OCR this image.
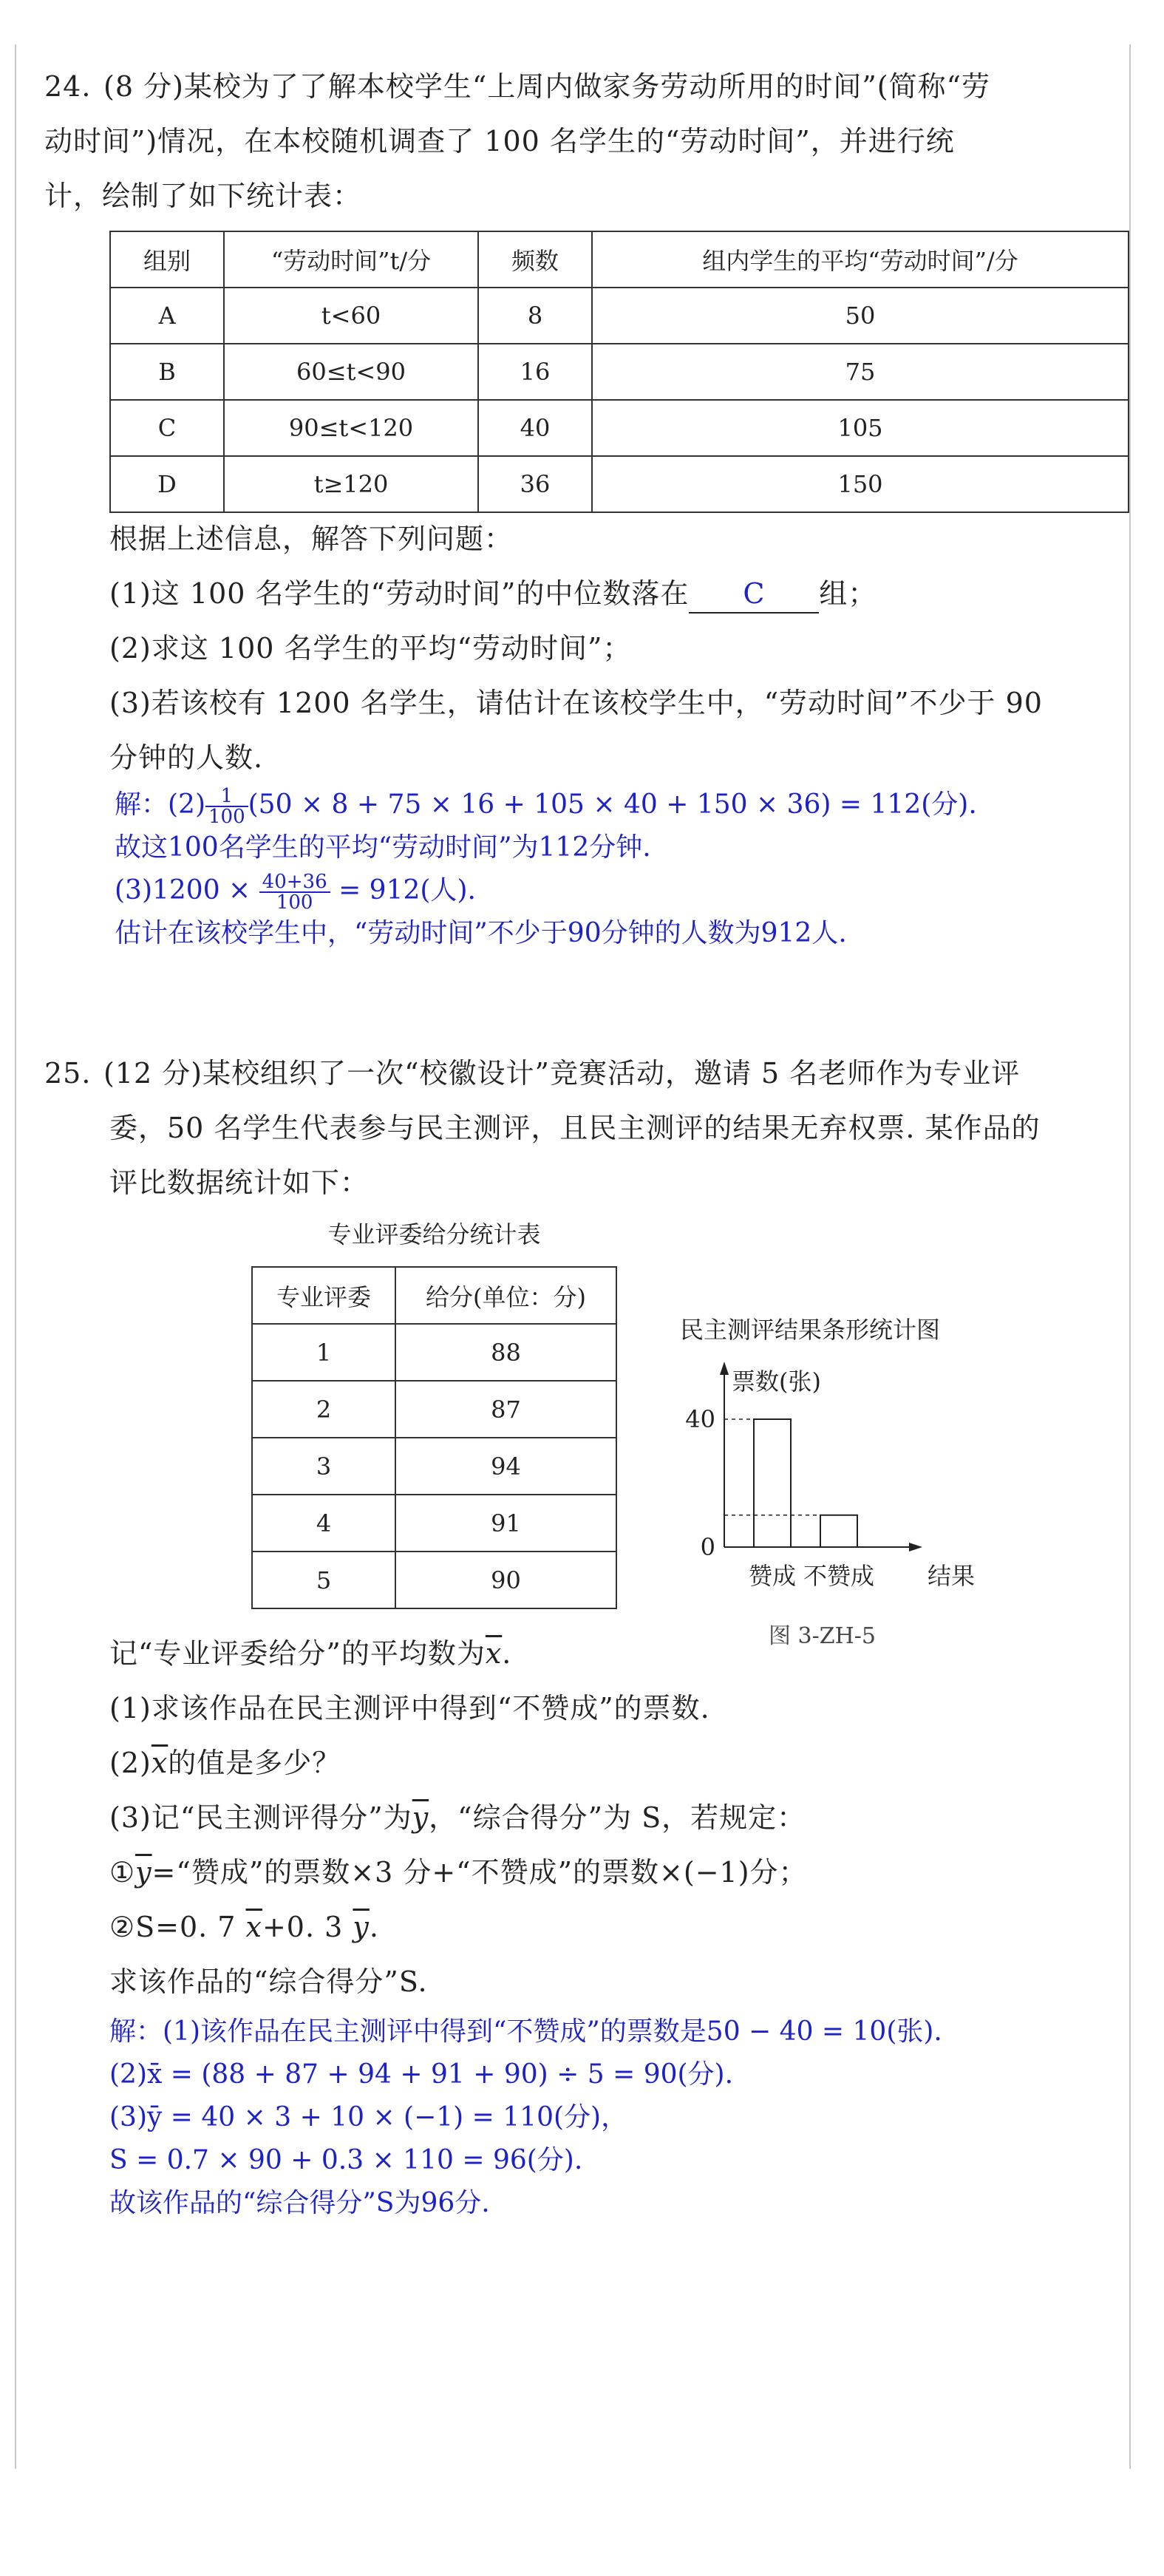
24. (8 分)某校为了了解本校学生“上周内做家务劳动所用的时间”(简称“劳

动时间”)情况，在本校随机调查了 100 名学生的“劳动时间”，并进行统

计，绘制了如下统计表：

组别	“劳动时间”t/分	频数	组内学生的平均“劳动时间”/分
A	t<60	8	50
B	60≤t<90	16	75
C	90≤t<120	40	105
D	t≥120	36	150

根据上述信息，解答下列问题：

(1)这 100 名学生的“劳动时间”的中位数落在 C 组；

(2)求这 100 名学生的平均“劳动时间”；

(3)若该校有 1200 名学生，请估计在该校学生中，“劳动时间”不少于 90

分钟的人数.

解：$(2) \frac{1}{100} (50 \times 8 + 75 \times 16 + 105 \times 40 + 150 \times 36) = 112$(分).

故这100名学生的平均“劳动时间”为112分钟.

$(3)1200 \times \frac{40+36}{100} = 912$(人).

估计在该校学生中，“劳动时间”不少于90分钟的人数为912人.

25. (12 分)某校组织了一次“校徽设计”竞赛活动，邀请 5 名老师作为专业评

委，50 名学生代表参与民主测评，且民主测评的结果无弃权票. 某作品的

评比数据统计如下：

专业评委给分统计表
专业评委	给分(单位：分)
1	88
2	87
3	94
4	91
5	90
民主测评结果条形统计图
票数(张)
结果
赞成 不赞成
0
40
图 3-ZH-5

记“专业评委给分”的平均数为$\overline{x}$.

(1)求该作品在民主测评中得到“不赞成”的票数.

$(2)\overline{x}$的值是多少？

(3)记“民主测评得分”为$\overline{y}$，“综合得分”为 S，若规定：

$①\overline{y}=“$赞成”的票数×3 分+“不赞成”的票数×(−1)分；

②S=0. 7 $\overline{x}+0$. 3 $\overline{y}$.

求该作品的“综合得分”S.

解：(1)该作品在民主测评中得到“不赞成”的票数是50 − 40 = 10(张).

(2)x̄ = (88 + 87 + 94 + 91 + 90) ÷ 5 = 90(分).

(3)ȳ = 40 × 3 + 10 × (−1) = 110(分)，

S = 0.7 × 90 + 0.3 × 110 = 96(分).

故该作品的“综合得分”S为96分.
